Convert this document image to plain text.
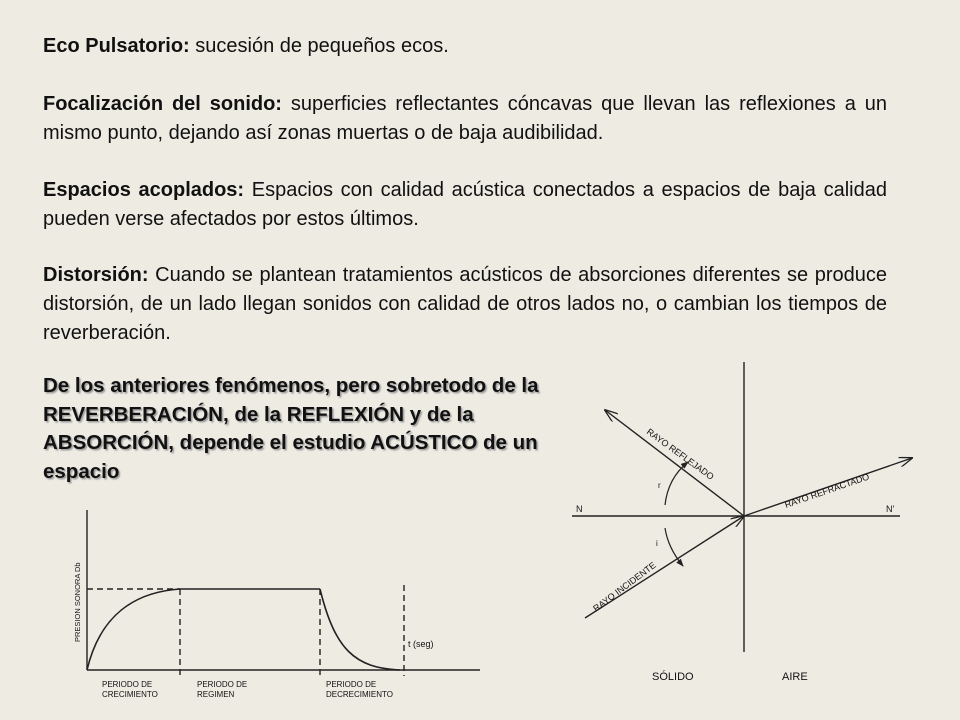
Eco Pulsatorio: sucesión de pequeños ecos.

Focalización del sonido: superficies reflectantes cóncavas que llevan las reflexiones a un mismo punto, dejando así zonas muertas o de baja audibilidad.

Espacios acoplados: Espacios con calidad acústica conectados a espacios de baja calidad pueden verse afectados por estos últimos.

Distorsión: Cuando se plantean tratamientos acústicos de absorciones diferentes se produce distorsión, de un lado llegan sonidos con calidad de otros lados no, o cambian los tiempos de reverberación.

De los anteriores fenómenos, pero sobretodo de la REVERBERACIÓN, de la REFLEXIÓN y de la ABSORCIÓN, depende el estudio ACÚSTICO de un espacio

PRESION SONORA Db
t (seg)
PERIODO DE
CRECIMIENTO
PERIODO DE
REGIMEN
PERIODO DE
DECRECIMIENTO
RAYO REFLEJADO
RAYO REFRACTADO
RAYO INCIDENTE
N	N'
r
i
SÓLIDO	AIRE
